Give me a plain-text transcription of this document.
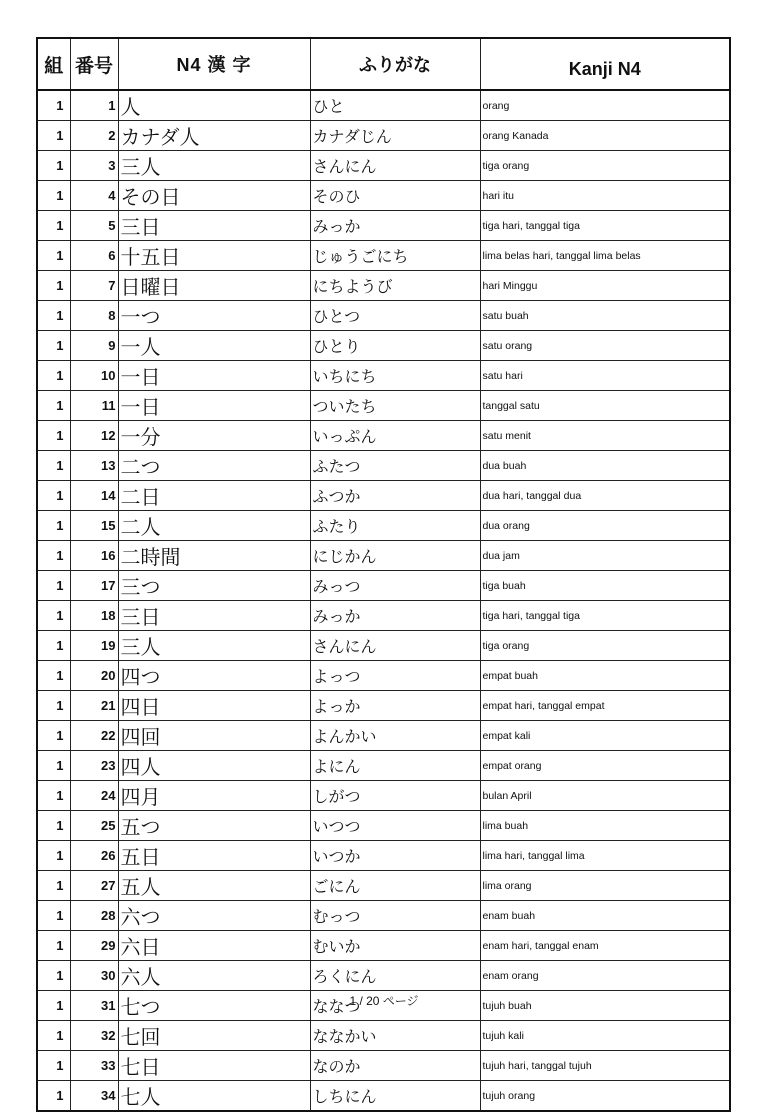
組	番号	N4 漢 字	ふりがな	Kanji N4
1	1	人	ひと	orang
1	2	カナダ人	カナダじん	orang Kanada
1	3	三人	さんにん	tiga orang
1	4	その日	そのひ	hari itu
1	5	三日	みっか	tiga hari, tanggal tiga
1	6	十五日	じゅうごにち	lima belas hari, tanggal lima belas
1	7	日曜日	にちようび	hari Minggu
1	8	一つ	ひとつ	satu buah
1	9	一人	ひとり	satu orang
1	10	一日	いちにち	satu hari
1	11	一日	ついたち	tanggal satu
1	12	一分	いっぷん	satu menit
1	13	二つ	ふたつ	dua buah
1	14	二日	ふつか	dua hari, tanggal dua
1	15	二人	ふたり	dua orang
1	16	二時間	にじかん	dua jam
1	17	三つ	みっつ	tiga buah
1	18	三日	みっか	tiga hari, tanggal tiga
1	19	三人	さんにん	tiga orang
1	20	四つ	よっつ	empat buah
1	21	四日	よっか	empat hari, tanggal empat
1	22	四回	よんかい	empat kali
1	23	四人	よにん	empat orang
1	24	四月	しがつ	bulan April
1	25	五つ	いつつ	lima buah
1	26	五日	いつか	lima hari, tanggal lima
1	27	五人	ごにん	lima orang
1	28	六つ	むっつ	enam buah
1	29	六日	むいか	enam hari, tanggal enam
1	30	六人	ろくにん	enam orang
1	31	七つ	ななつ	tujuh buah
1	32	七回	ななかい	tujuh kali
1	33	七日	なのか	tujuh hari, tanggal tujuh
1	34	七人	しちにん	tujuh orang
1 / 20 ページ
